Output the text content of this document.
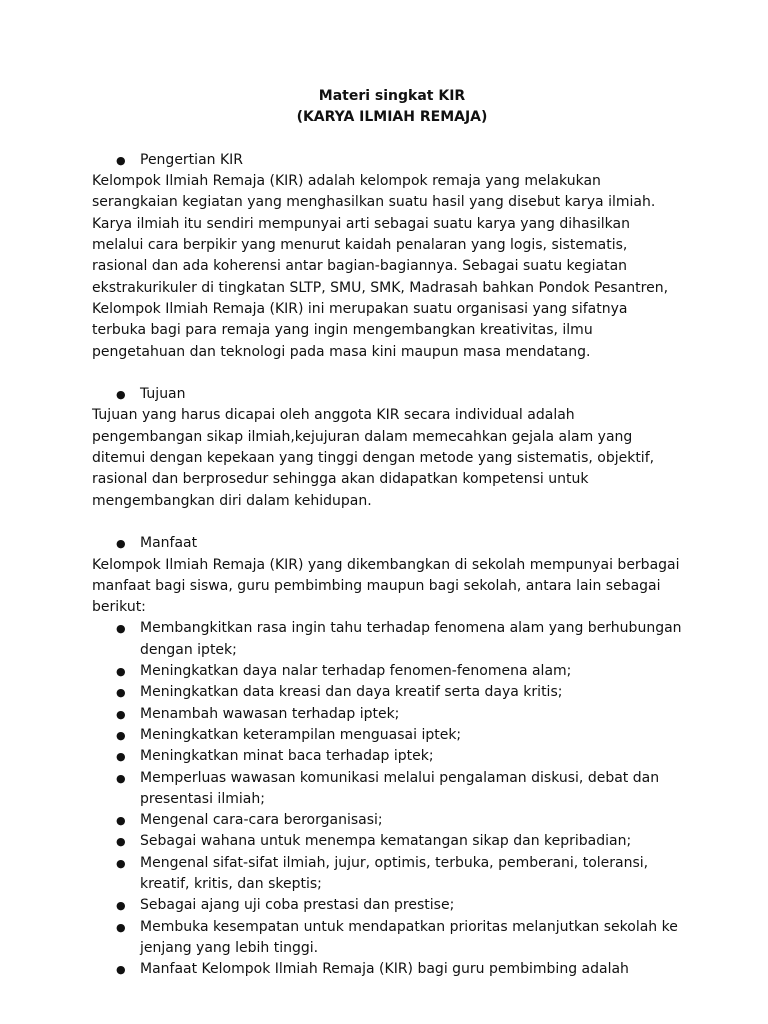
Materi singkat KIR

(KARYA ILMIAH REMAJA)

● Pengertian KIR

Kelompok Ilmiah Remaja (KIR) adalah kelompok remaja yang melakukan serangkaian kegiatan yang menghasilkan suatu hasil yang disebut karya ilmiah. Karya ilmiah itu sendiri mempunyai arti sebagai suatu karya yang dihasilkan melalui cara berpikir yang menurut kaidah penalaran yang logis, sistematis, rasional dan ada koherensi antar bagian-bagiannya. Sebagai suatu kegiatan ekstrakurikuler di tingkatan SLTP, SMU, SMK, Madrasah bahkan Pondok Pesantren, Kelompok Ilmiah Remaja (KIR) ini merupakan suatu organisasi yang sifatnya terbuka bagi para remaja yang ingin mengembangkan kreativitas, ilmu pengetahuan dan teknologi pada masa kini maupun masa mendatang.

● Tujuan

Tujuan yang harus dicapai oleh anggota KIR secara individual adalah pengembangan sikap ilmiah,kejujuran dalam memecahkan gejala alam yang ditemui dengan kepekaan yang tinggi dengan metode yang sistematis, objektif, rasional dan berprosedur sehingga akan didapatkan kompetensi untuk mengembangkan diri dalam kehidupan.

● Manfaat

Kelompok Ilmiah Remaja (KIR) yang dikembangkan di sekolah mempunyai berbagai manfaat bagi siswa, guru pembimbing maupun bagi sekolah, antara lain sebagai berikut:

● Membangkitkan rasa ingin tahu terhadap fenomena alam yang berhubungan dengan iptek;
● Meningkatkan daya nalar terhadap fenomen-fenomena alam;
● Meningkatkan data kreasi dan daya kreatif serta daya kritis;
● Menambah wawasan terhadap iptek;
● Meningkatkan keterampilan menguasai iptek;
● Meningkatkan minat baca terhadap iptek;
● Memperluas wawasan komunikasi melalui pengalaman diskusi, debat dan presentasi ilmiah;
● Mengenal cara-cara berorganisasi;
● Sebagai wahana untuk menempa kematangan sikap dan kepribadian;
● Mengenal sifat-sifat ilmiah, jujur, optimis, terbuka, pemberani, toleransi, kreatif, kritis, dan skeptis;
● Sebagai ajang uji coba prestasi dan prestise;
● Membuka kesempatan untuk mendapatkan prioritas melanjutkan sekolah ke jenjang yang lebih tinggi.
● Manfaat Kelompok Ilmiah Remaja (KIR) bagi guru pembimbing adalah
